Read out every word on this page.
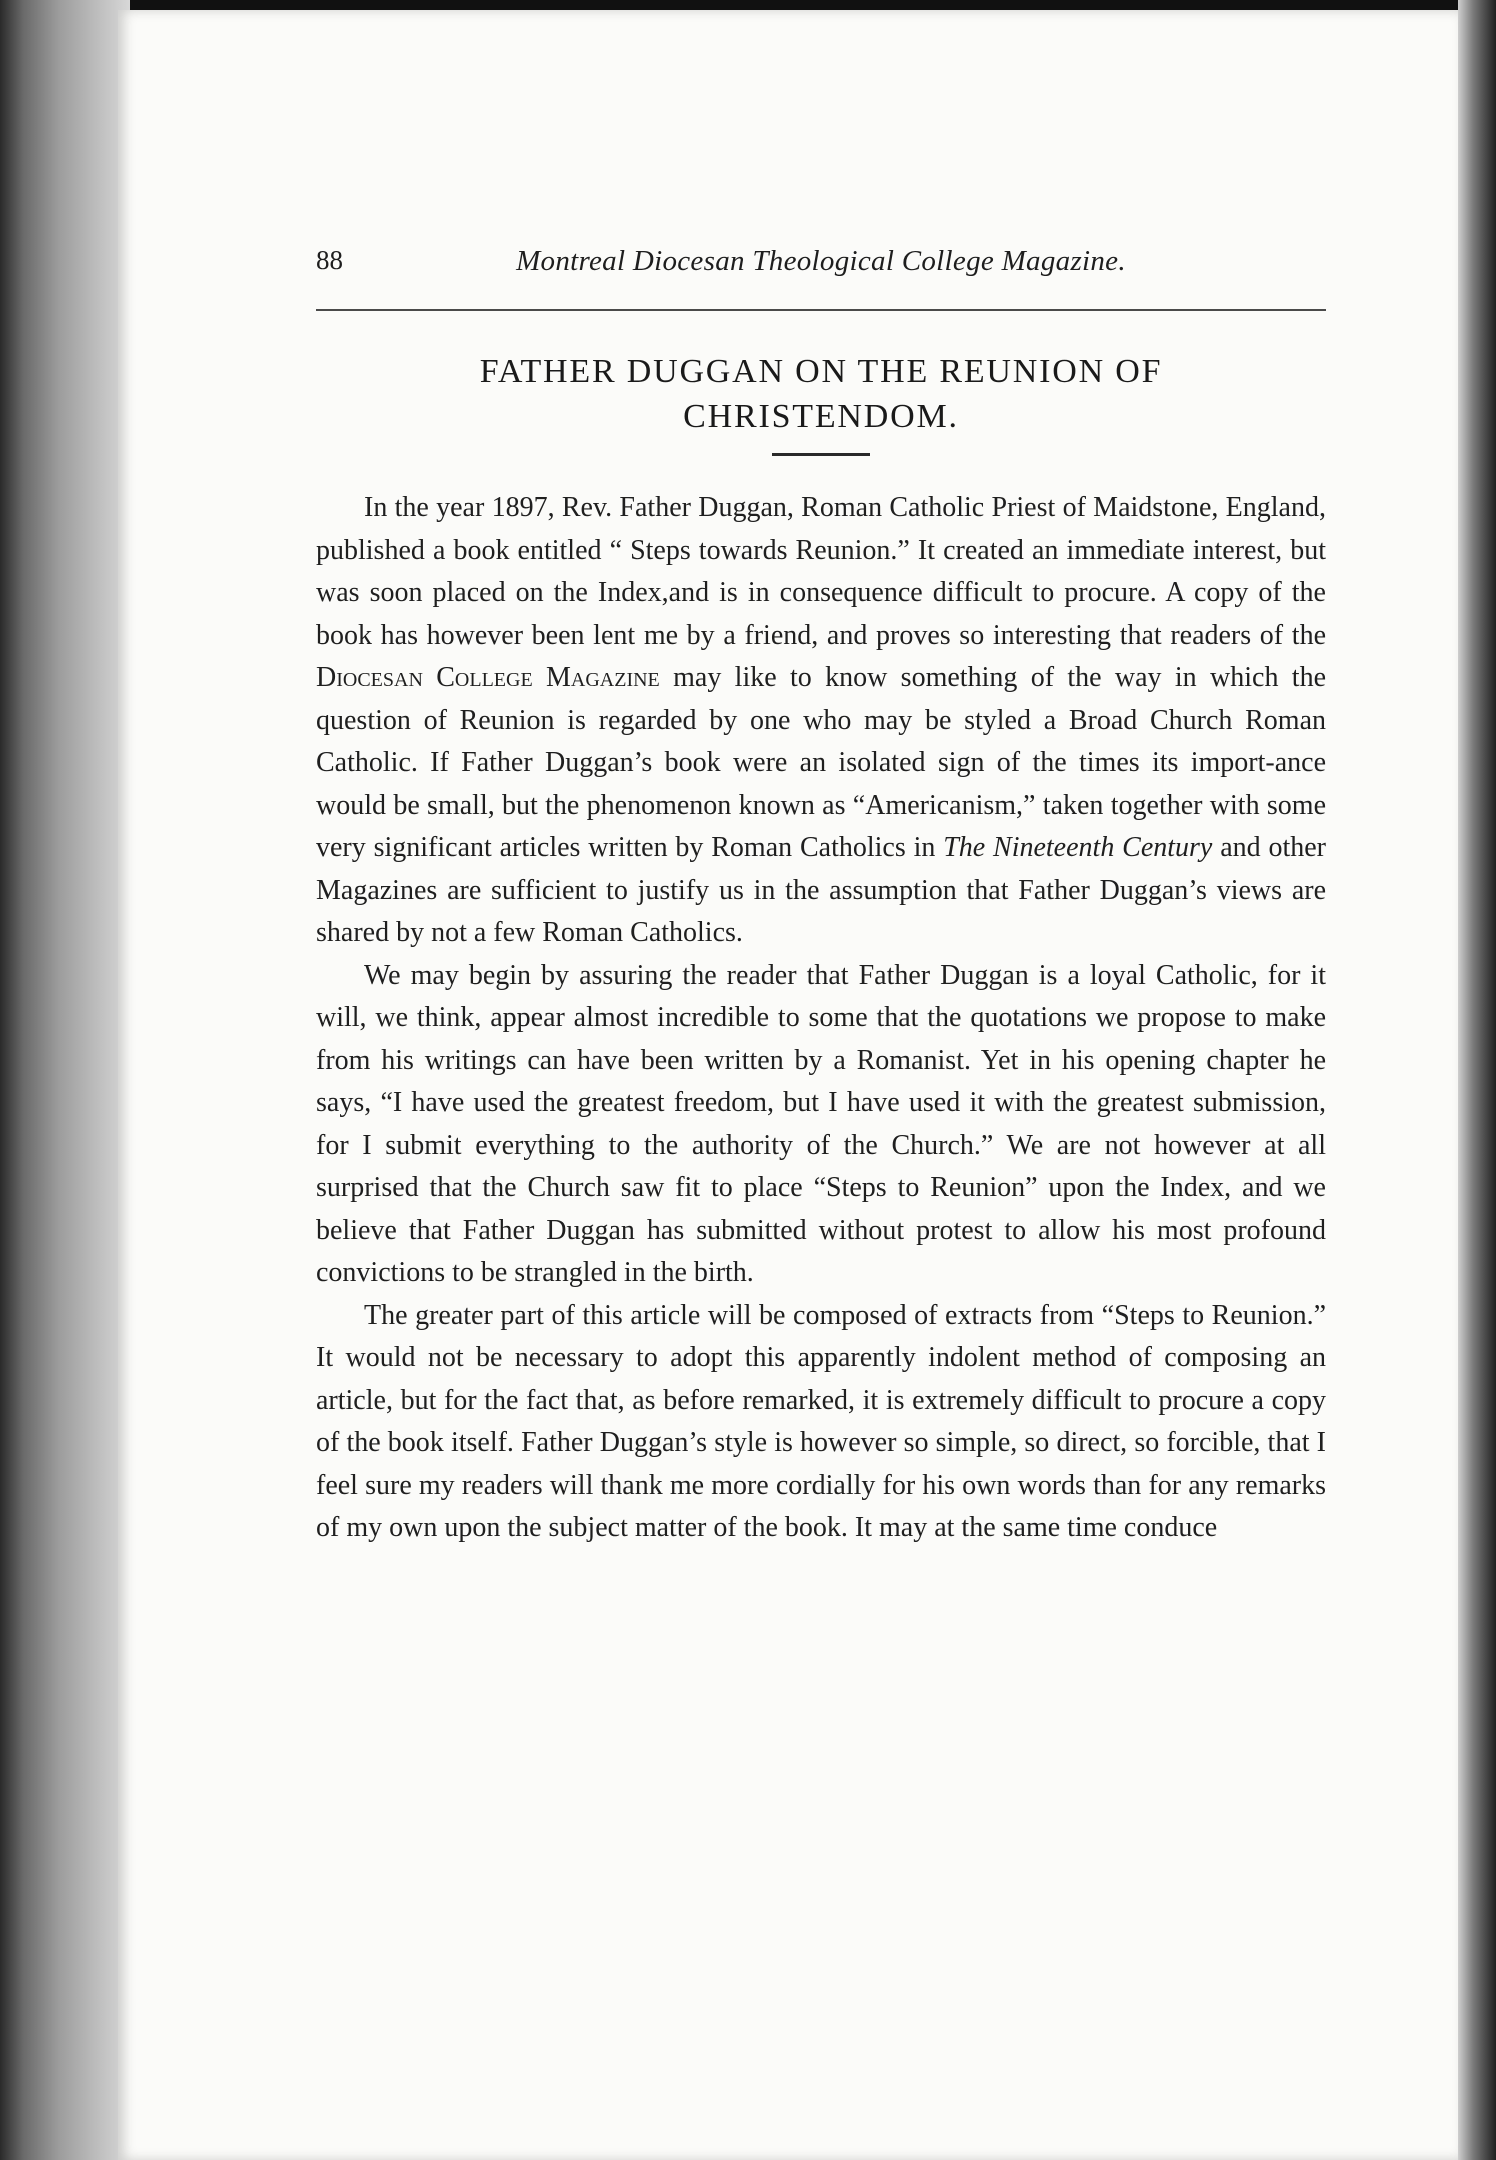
88	Montreal Diocesan Theological College Magazine.
FATHER DUGGAN ON THE REUNION OF
CHRISTENDOM.

In the year 1897, Rev. Father Duggan, Roman Catholic Priest of Maidstone, England, published a book entitled “ Steps towards Reunion.” It created an immediate interest, but was soon placed on the Index,and is in consequence difficult to procure. A copy of the book has however been lent me by a friend, and proves so interesting that readers of the Diocesan College Magazine may like to know something of the way in which the question of Reunion is regarded by one who may be styled a Broad Church Roman Catholic. If Father Duggan’s book were an isolated sign of the times its import-ance would be small, but the phenomenon known as “Americanism,” taken together with some very significant articles written by Roman Catholics in The Nineteenth Century and other Magazines are sufficient to justify us in the assumption that Father Duggan’s views are shared by not a few Roman Catholics.

We may begin by assuring the reader that Father Duggan is a loyal Catholic, for it will, we think, appear almost incredible to some that the quotations we propose to make from his writings can have been written by a Romanist. Yet in his opening chapter he says, “I have used the greatest freedom, but I have used it with the greatest submission, for I submit everything to the authority of the Church.” We are not however at all surprised that the Church saw fit to place “Steps to Reunion” upon the Index, and we believe that Father Duggan has submitted without protest to allow his most profound convictions to be strangled in the birth.

The greater part of this article will be composed of extracts from “Steps to Reunion.” It would not be necessary to adopt this apparently indolent method of composing an article, but for the fact that, as before remarked, it is extremely difficult to procure a copy of the book itself. Father Duggan’s style is however so simple, so direct, so forcible, that I feel sure my readers will thank me more cordially for his own words than for any remarks of my own upon the subject matter of the book. It may at the same time conduce
